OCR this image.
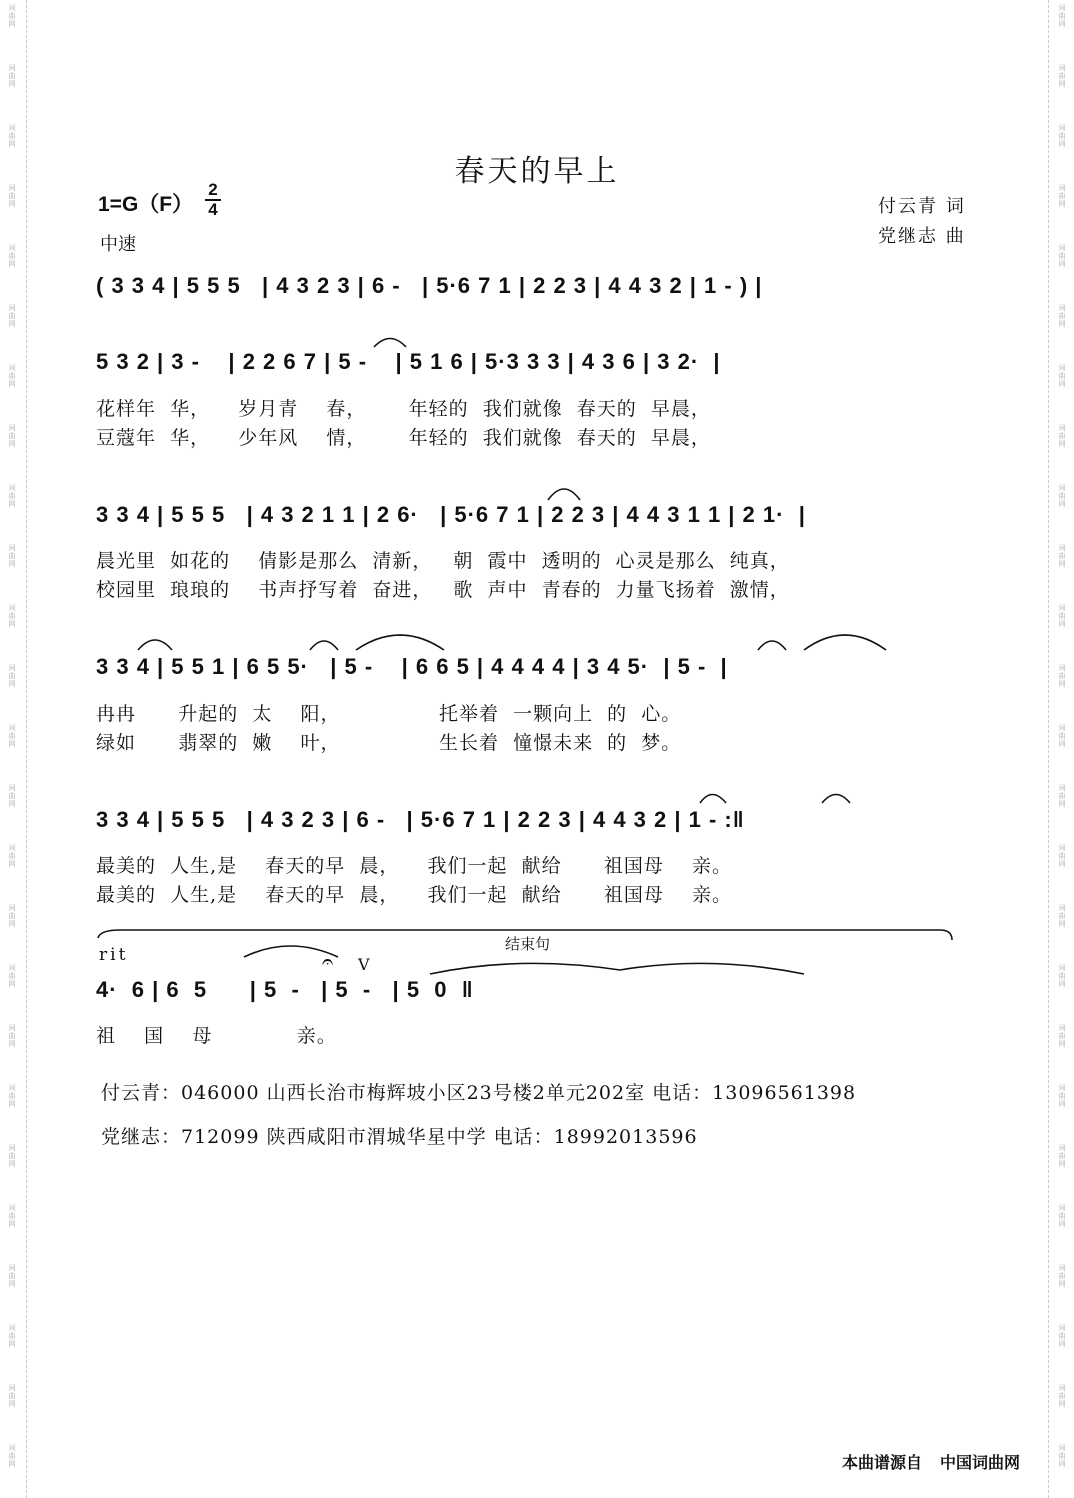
词
曲
网
词
曲
网
词
曲
网
词
曲
网
词
曲
网
词
曲
网
词
曲
网
词
曲
网
词
曲
网
词
曲
网
词
曲
网
词
曲
网
词
曲
网
词
曲
网
词
曲
网
词
曲
网
词
曲
网
词
曲
网
词
曲
网
词
曲
网
词
曲
网
词
曲
网
词
曲
网
词
曲
网
词
曲
网
词
曲
网
词
曲
网
词
曲
网
词
曲
网
词
曲
网
词
曲
网
词
曲
网
词
曲
网
词
曲
网
词
曲
网
词
曲
网
词
曲
网
词
曲
网
词
曲
网
词
曲
网
词
曲
网
词
曲
网
词
曲
网
词
曲
网
词
曲
网
词
曲
网
词
曲
网
词
曲
网
词
曲
网
词
曲
网
春天的早上
1=G（F）
2
4
中速
付云青 词
党继志 曲
( 3 3 4 | 5 5 5   | 4 3 2 3 | 6 -   | 5·6 7 1 | 2 2 3 | 4 4 3 2 | 1 - ) |
5 3 2 | 3 -    | 2 2 6 7 | 5 -    | 5 1 6 | 5·3 3 3 | 4 3 6 | 3 2·  |
花样年  华，    岁月青    春，      年轻的  我们就像  春天的  早晨，
豆蔻年  华，    少年风    情，      年轻的  我们就像  春天的  早晨，
3 3 4 | 5 5 5   | 4 3 2 1 1 | 2 6·   | 5·6 7 1 | 2 2 3 | 4 4 3 1 1 | 2 1·  |
晨光里  如花的    倩影是那么  清新，   朝  霞中  透明的  心灵是那么  纯真，
校园里  琅琅的    书声抒写着  奋进，   歌  声中  青春的  力量飞扬着  激情，
3 3 4 | 5 5 1 | 6 5 5·   | 5 -    | 6 6 5 | 4 4 4 4 | 3 4 5·  | 5 -  |
冉冉      升起的  太    阳，              托举着  一颗向上  的  心。
绿如      翡翠的  嫩    叶，              生长着  憧憬未来  的  梦。
3 3 4 | 5 5 5   | 4 3 2 3 | 6 -   | 5·6 7 1 | 2 2 3 | 4 4 3 2 | 1 - :‖
最美的  人生,是    春天的早  晨，    我们一起  献给      祖国母    亲。
最美的  人生,是    春天的早  晨，    我们一起  献给      祖国母    亲。
rit
结束句
𝄐 V
4·  6 | 6  5      | 5  -   | 5  -   | 5  0  ‖
祖    国    母            亲。
付云青：046000 山西长治市梅辉坡小区23号楼2单元202室 电话：13096561398
党继志：712099 陕西咸阳市渭城华星中学 电话：18992013596
本曲谱源自 中国词曲网
